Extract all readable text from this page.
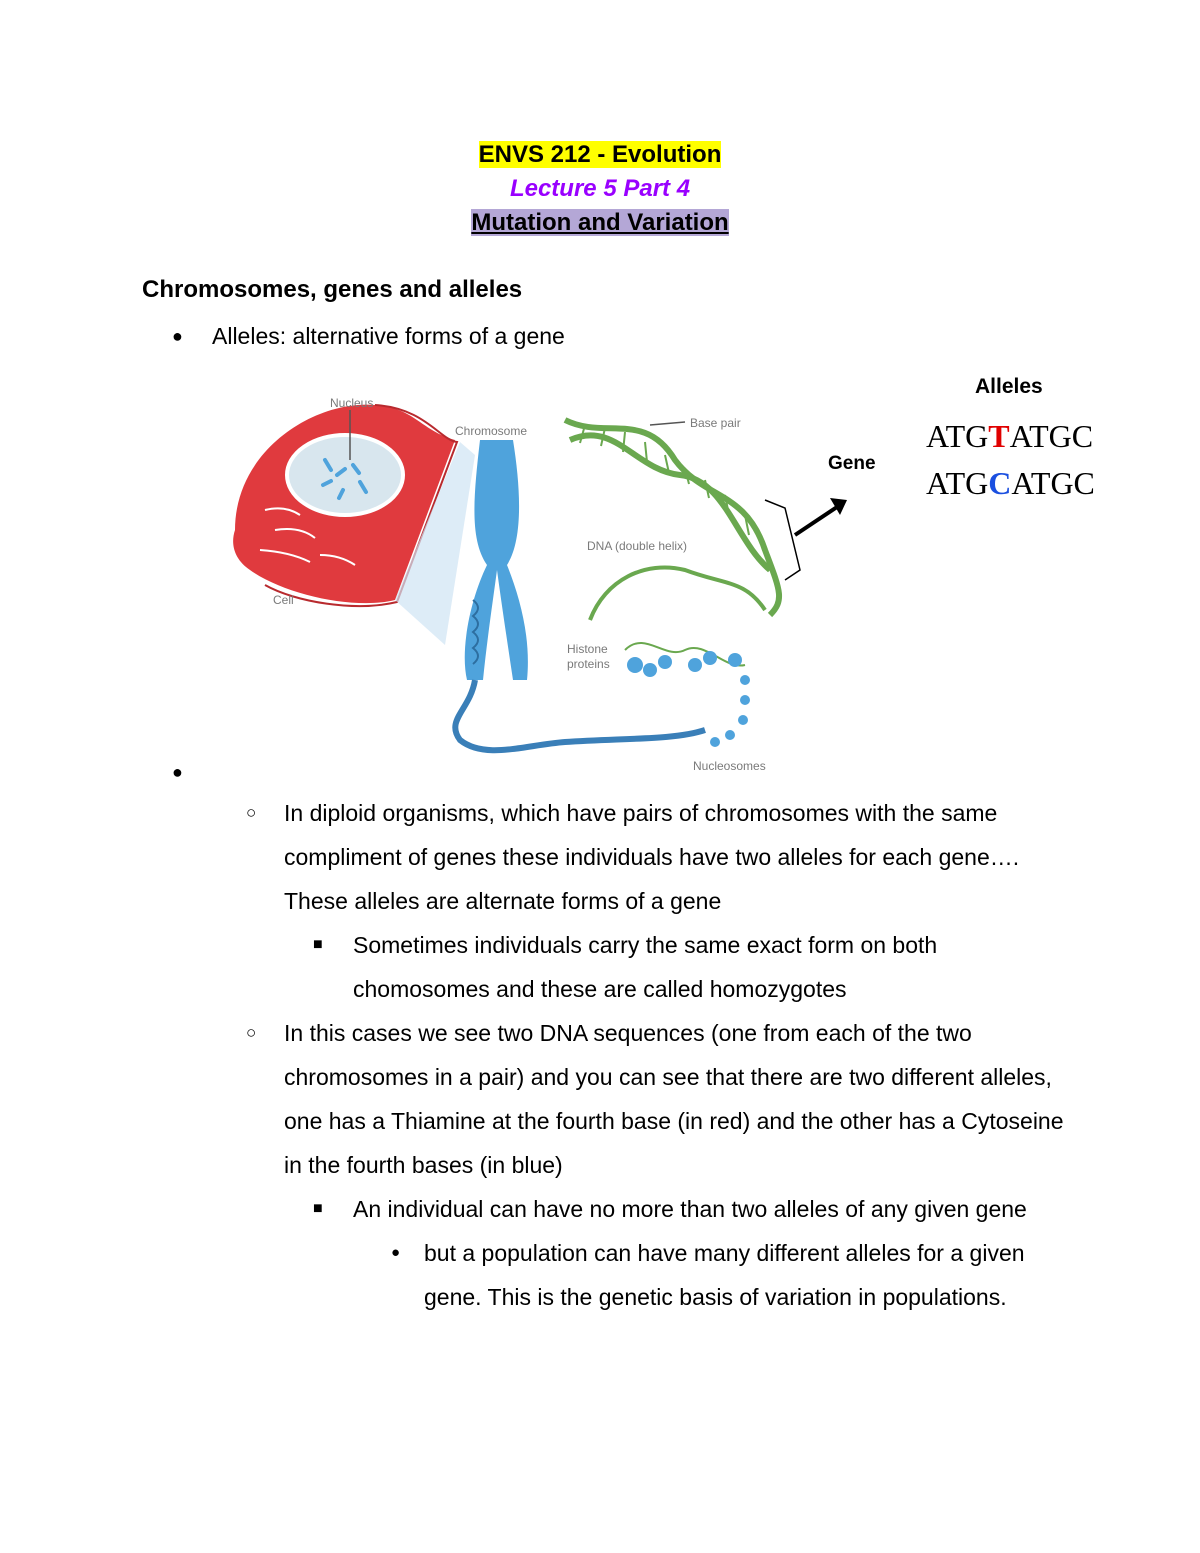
ENVS 212 - Evolution
Lecture 5 Part 4
Mutation and Variation
Chromosomes, genes and alleles
● Alleles: alternative forms of a gene
Nucleus
Cell
Chromosome
Base pair
DNA (double helix)
Histone
proteins
Nucleosomes
Gene
Alleles
ATGTATGC
ATGCATGC
●
○ In diploid organisms, which have pairs of chromosomes with the same compliment of genes these individuals have two alleles for each gene…. These alleles are alternate forms of a gene
■ Sometimes individuals carry the same exact form on both chomosomes and these are called homozygotes
○ In this cases we see two DNA sequences (one from each of the two chromosomes in a pair) and you can see that there are two different alleles, one has a Thiamine at the fourth base (in red) and the other has a Cytoseine in the fourth bases (in blue)
■ An individual can have no more than two alleles of any given gene
● but a population can have many different alleles for a given gene. This is the genetic basis of variation in populations.
